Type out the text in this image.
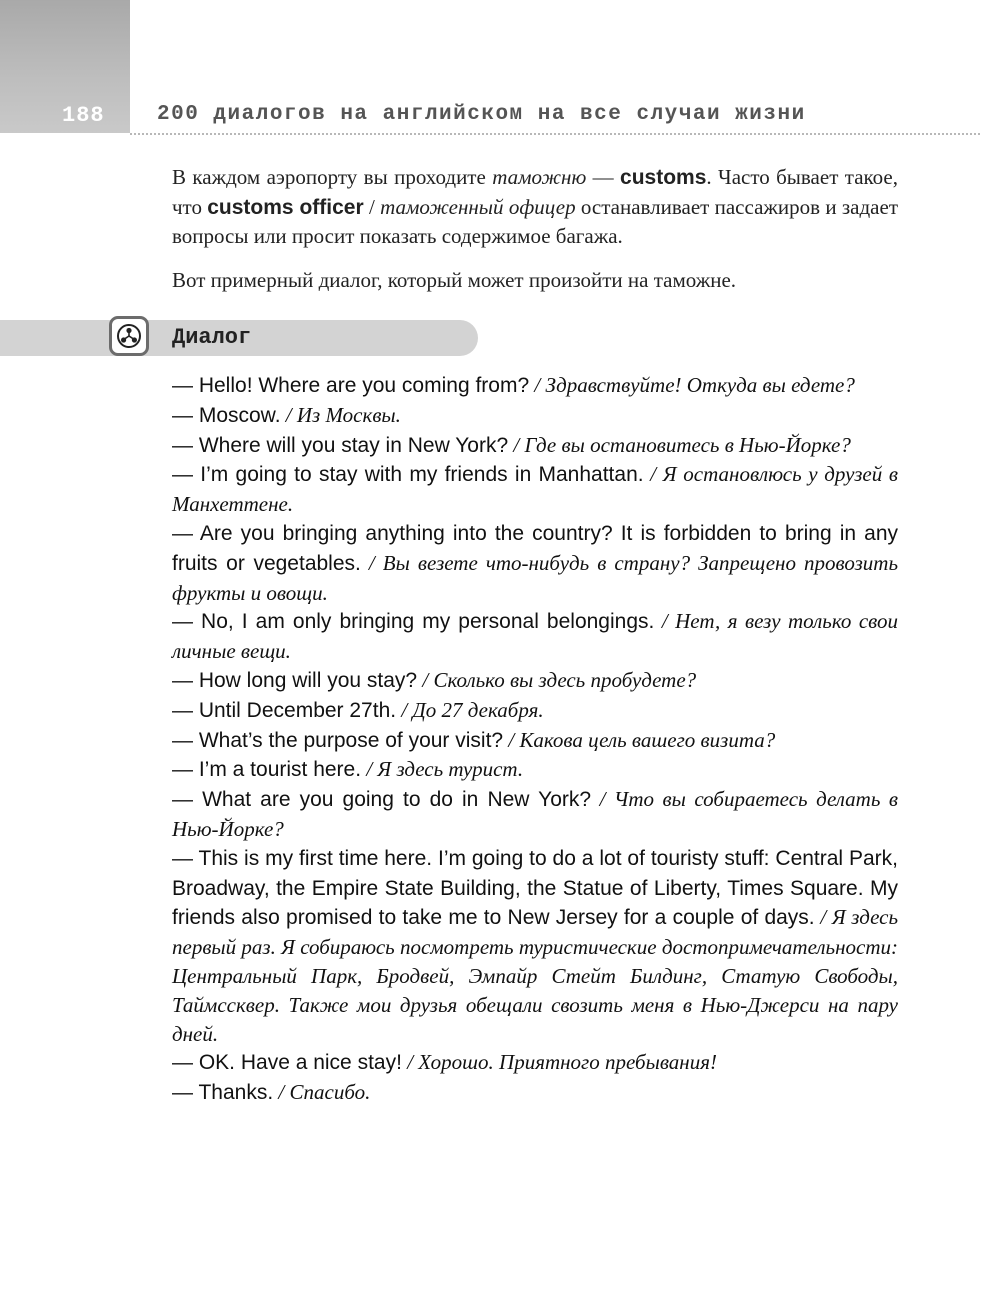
188	200 диалогов на английском на все случаи жизни

В каждом аэропорту вы проходите таможню — customs. Часто бывает такое, что customs officer / таможенный офицер останавливает пассажиров и задает вопросы или просит показать содержимое багажа.

Вот примерный диалог, который может произойти на таможне.

Диалог

— Hello! Where are you coming from? / Здравствуйте! Откуда вы едете?

— Moscow. / Из Москвы.

— Where will you stay in New York? / Где вы остановитесь в Нью-Йорке?

— I’m going to stay with my friends in Manhattan. / Я остановлюсь у друзей в Манхеттене.

— Are you bringing anything into the country? It is forbidden to bring in any fruits or vegetables. / Вы везете что-нибудь в страну? Запрещено провозить фрукты и овощи.

— No, I am only bringing my personal belongings. / Нет, я везу только свои личные вещи.

— How long will you stay? / Сколько вы здесь пробудете?

— Until December 27th. / До 27 декабря.

— What’s the purpose of your visit? / Какова цель вашего визита?

— I’m a tourist here. / Я здесь турист.

— What are you going to do in New York? / Что вы собираетесь делать в Нью-Йорке?

— This is my first time here. I’m going to do a lot of touristy stuff: Central Park, Broadway, the Empire State Building, the Statue of Liberty, Times Square. My friends also promised to take me to New Jersey for a couple of days. / Я здесь первый раз. Я собираюсь посмотреть туристические достопримечательности: Центральный Парк, Бродвей, Эмпайр Стейт Билдинг, Статую Свободы, Таймссквер. Также мои друзья обещали свозить меня в Нью-Джерси на пару дней.

— OK. Have a nice stay! / Хорошо. Приятного пребывания!

— Thanks. / Спасибо.
